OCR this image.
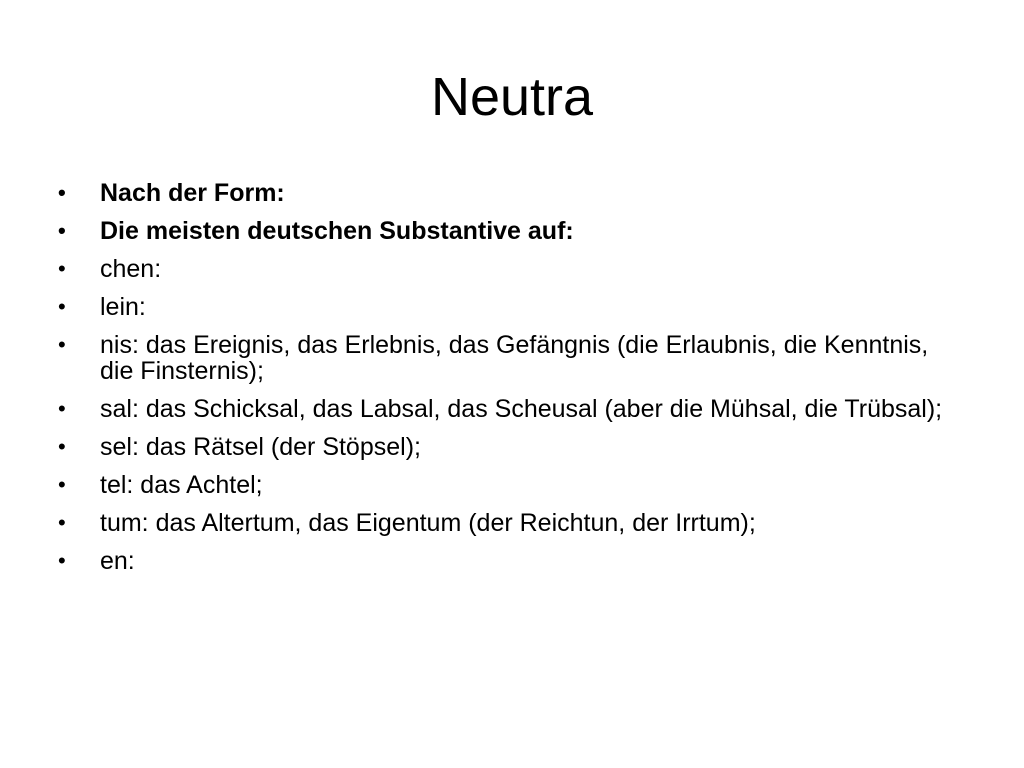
Neutra
•	Nach der Form:
•	Die meisten deutschen Substantive auf:
•	chen:
•	lein:
•	nis: das Ereignis, das Erlebnis, das Gefängnis (die Erlaubnis, die Kenntnis, die Finsternis);
•	sal: das Schicksal, das Labsal, das Scheusal (aber die Mühsal, die Trübsal);
•	sel: das Rätsel (der Stöpsel);
•	tel: das Achtel;
•	tum: das Altertum, das Eigentum (der Reichtun, der Irrtum);
•	en:
